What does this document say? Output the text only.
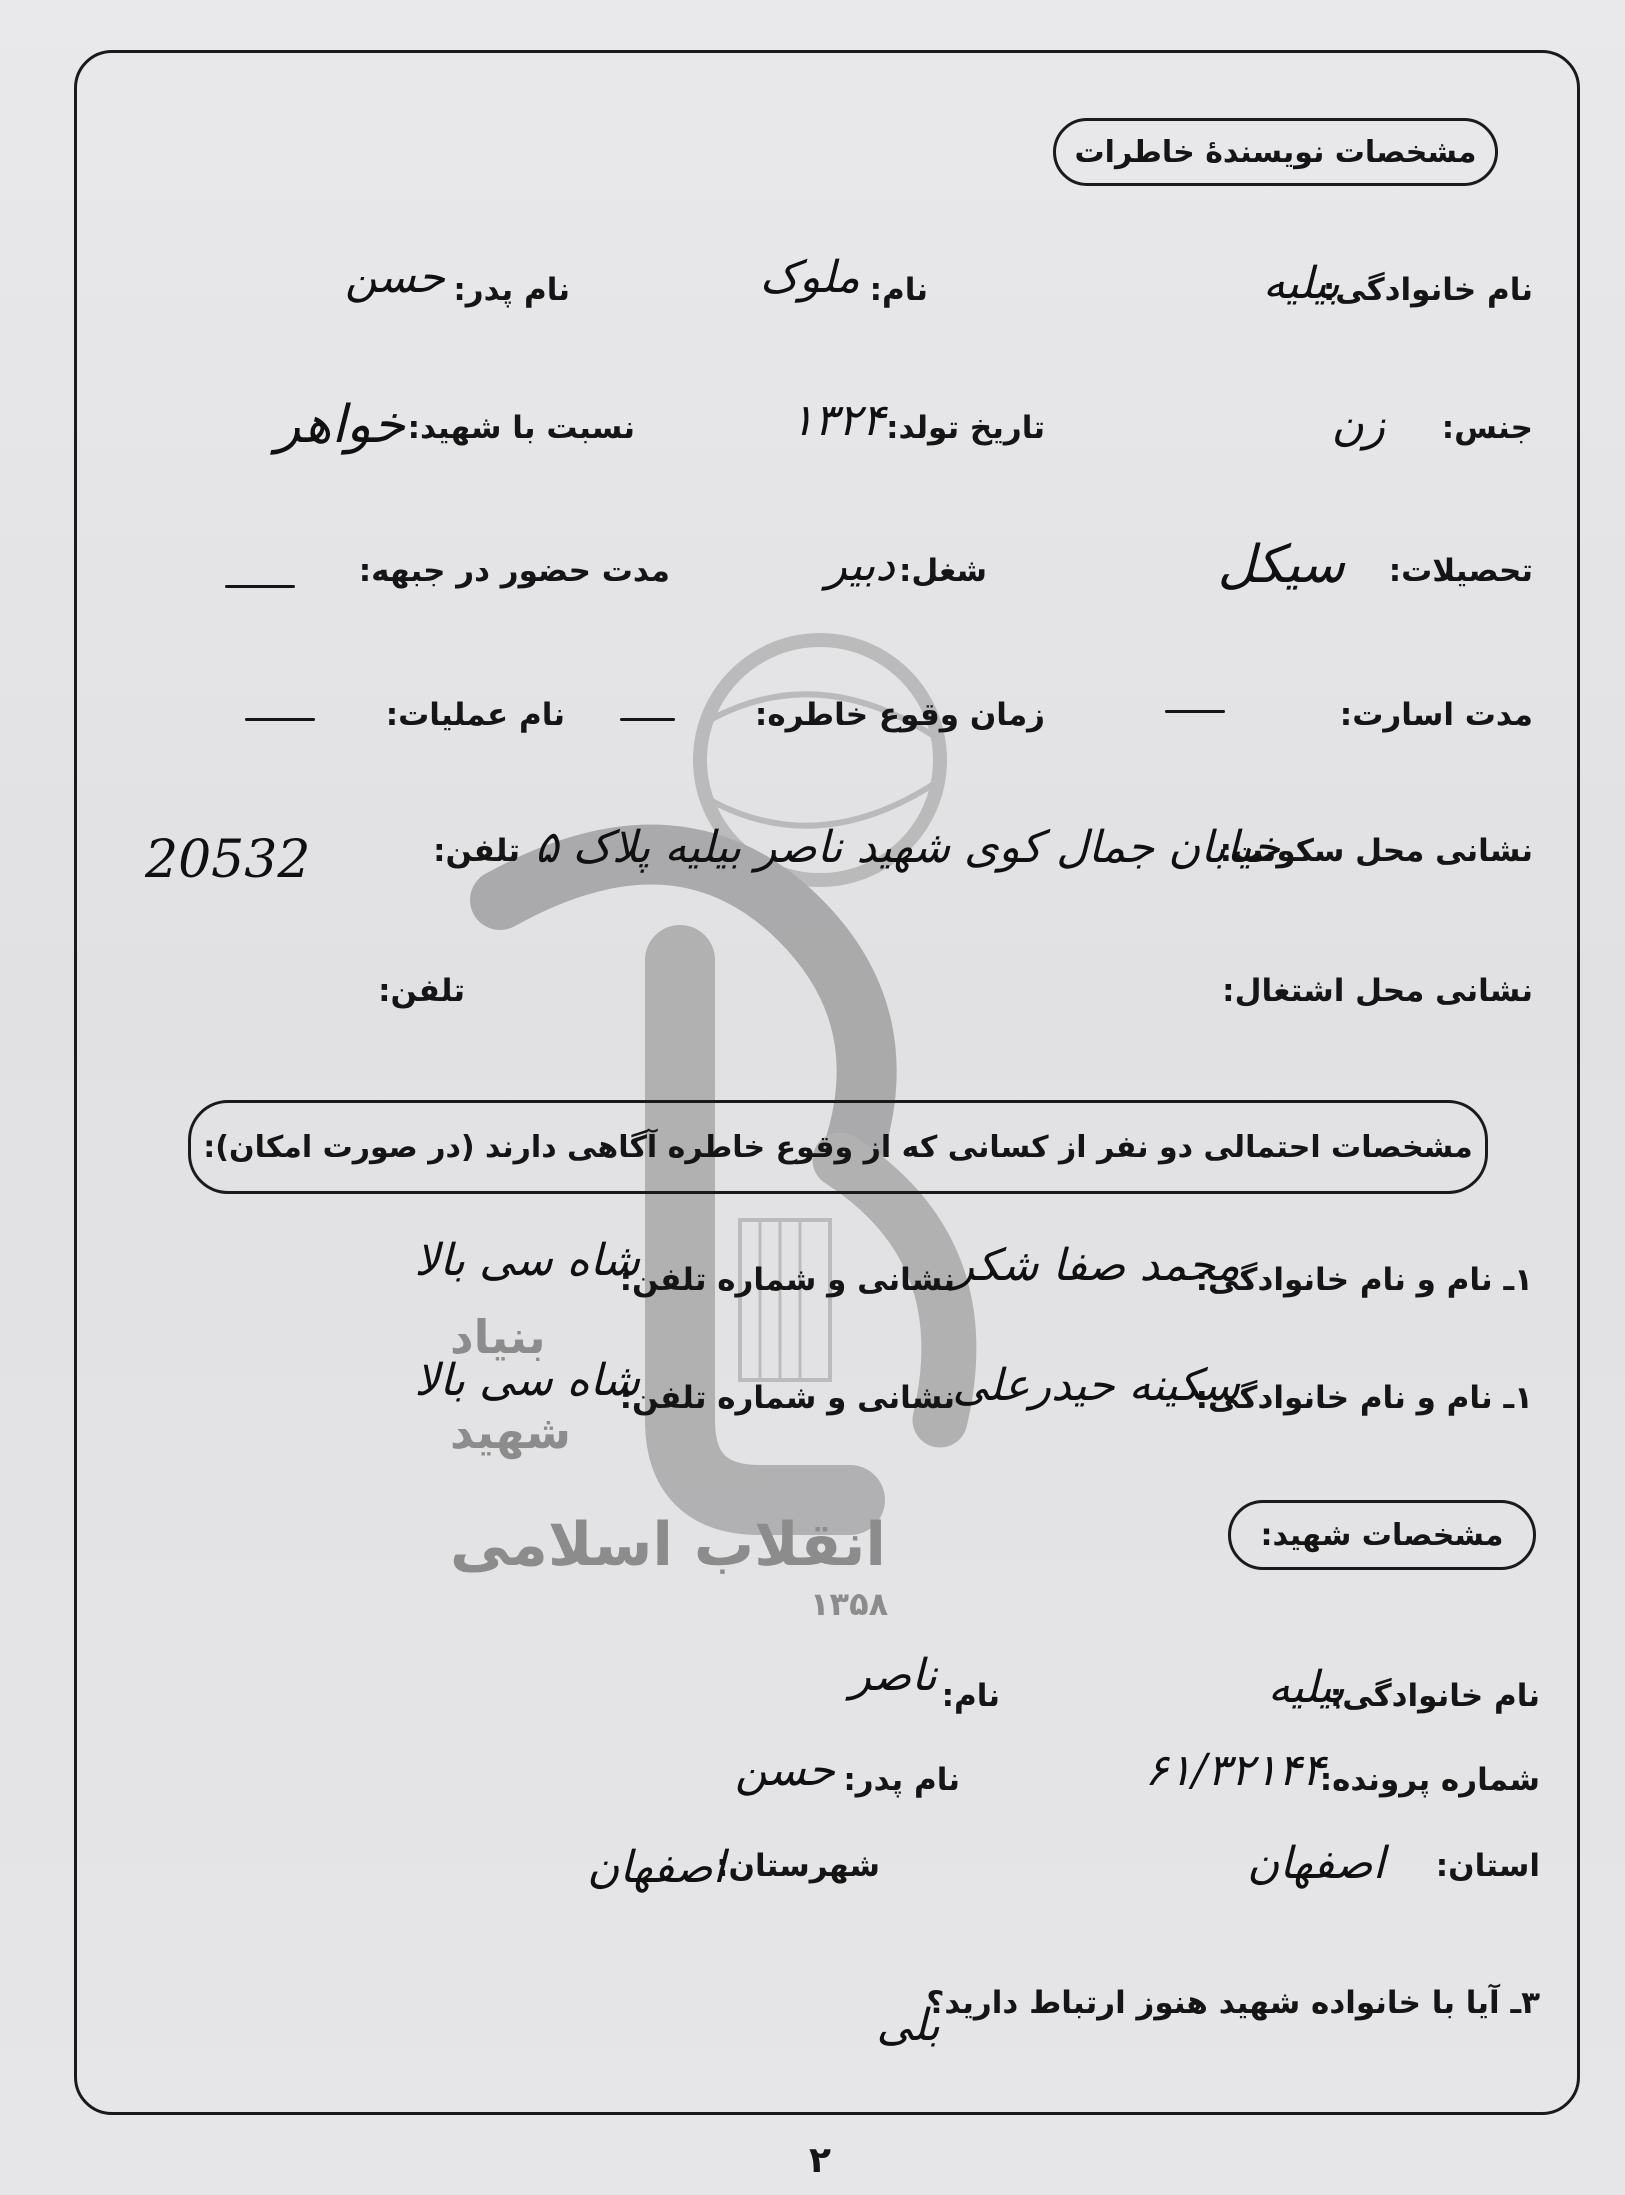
بنیاد
شهید
انقلاب اسلامی
۱۳۵۸
مشخصات نويسندۀ خاطرات
نام خانوادگی:
بیلیه
نام:
ملوک
نام پدر:
حسن
جنس:
زن
تاریخ تولد:
۱۳۲۴
نسبت با شهید:
خواهر
تحصیلات:
سیکل
شغل:
دبیر
مدت حضور در جبهه:
مدت اسارت:
زمان وقوع خاطره:
نام عملیات:
نشانی محل سکونت:
خیابان جمال کوی شهید ناصر بیلیه پلاک ۵
تلفن:
20532
نشانی محل اشتغال:
تلفن:
مشخصات احتمالی دو نفر از کسانی که از وقوع خاطره آگاهی دارند (در صورت امکان):
۱ـ نام و نام خانوادگی:
محمد صفا شکر
نشانی و شماره تلفن:
شاه سی بالا
۱ـ نام و نام خانوادگی:
سکینه حیدرعلی
نشانی و شماره تلفن:
شاه سی بالا
مشخصات شهید:
نام خانوادگی:
بیلیه
نام:
ناصر
شماره پرونده:
۶۱/۳۲۱۴۴
نام پدر:
حسن
استان:
اصفهان
شهرستان:
اصفهان
۳ـ آیا با خانواده شهید هنوز ارتباط دارید؟
بلی
۲
